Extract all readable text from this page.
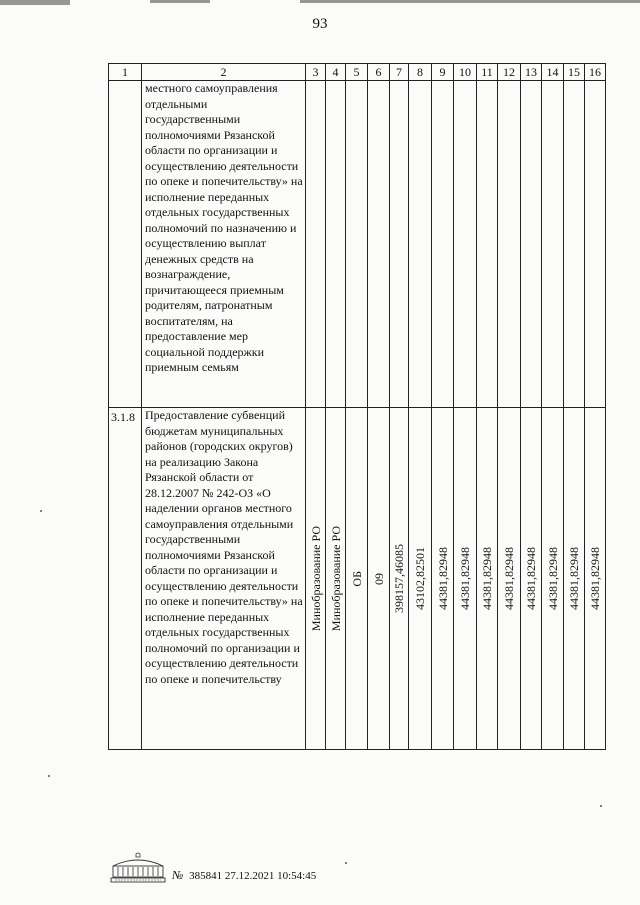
93
1	2	3	4	5	6	7	8	9	10	11	12	13	14	15	16

	местного самоуправления отдельными государственными полномочиями Рязанской области по организации и осуществлению деятельности по опеке и попечительству» на исполнение переданных отдельных государственных полномочий по назначению и осуществлению выплат денежных средств на вознаграждение, причитающееся приемным родителям, патронатным воспитателям, на предоставление мер социальной поддержки приемным семьям														

3.1.8	Предоставление субвенций бюджетам муниципальных районов (городских округов) на реализацию Закона Рязанской области от 28.12.2007 № 242-ОЗ «О наделении органов местного самоуправления отдельными государственными полномочиями Рязанской области по организации и осуществлению деятельности по опеке и попечительству» на исполнение переданных отдельных государственных полномочий по организации и осуществлению деятельности по опеке и попечительству	Минобразование РО	Минобразование РО	ОБ	09	398157,46085	43102,82501	44381,82948	44381,82948	44381,82948	44381,82948	44381,82948	44381,82948	44381,82948	44381,82948
№ 385841 27.12.2021 10:54:45
